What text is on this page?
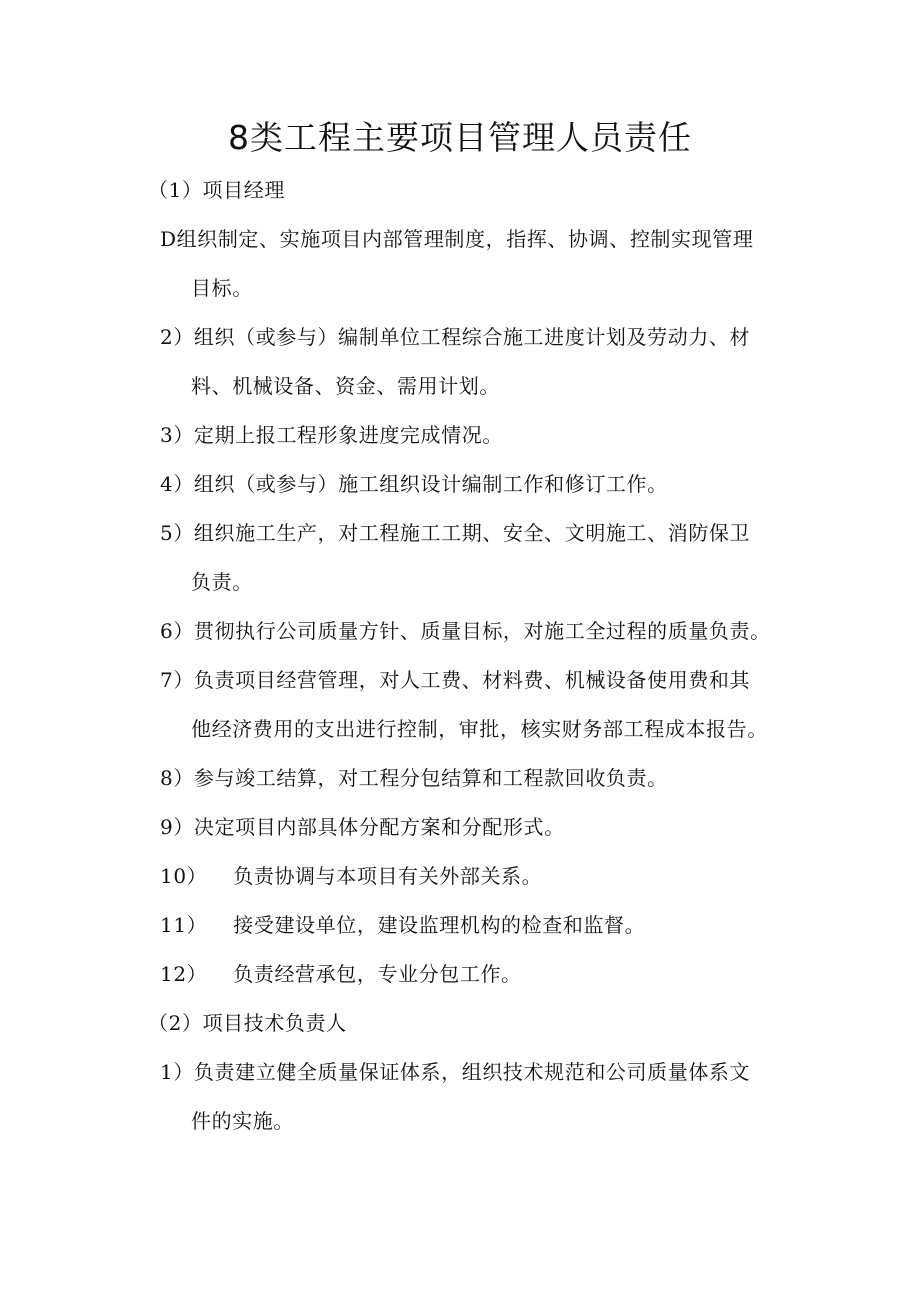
8类工程主要项目管理人员责任
（1）项目经理
D组织制定、实施项目内部管理制度，指挥、协调、控制实现管理
目标。
2）组织（或参与）编制单位工程综合施工进度计划及劳动力、材
料、机械设备、资金、需用计划。
3）定期上报工程形象进度完成情况。
4）组织（或参与）施工组织设计编制工作和修订工作。
5）组织施工生产，对工程施工工期、安全、文明施工、消防保卫
负责。
6）贯彻执行公司质量方针、质量目标，对施工全过程的质量负责。
7）负责项目经营管理，对人工费、材料费、机械设备使用费和其
他经济费用的支出进行控制，审批，核实财务部工程成本报告。
8）参与竣工结算，对工程分包结算和工程款回收负责。
9）决定项目内部具体分配方案和分配形式。
10） 负责协调与本项目有关外部关系。
11） 接受建设单位，建设监理机构的检查和监督。
12） 负责经营承包，专业分包工作。
（2）项目技术负责人
1）负责建立健全质量保证体系，组织技术规范和公司质量体系文
件的实施。
